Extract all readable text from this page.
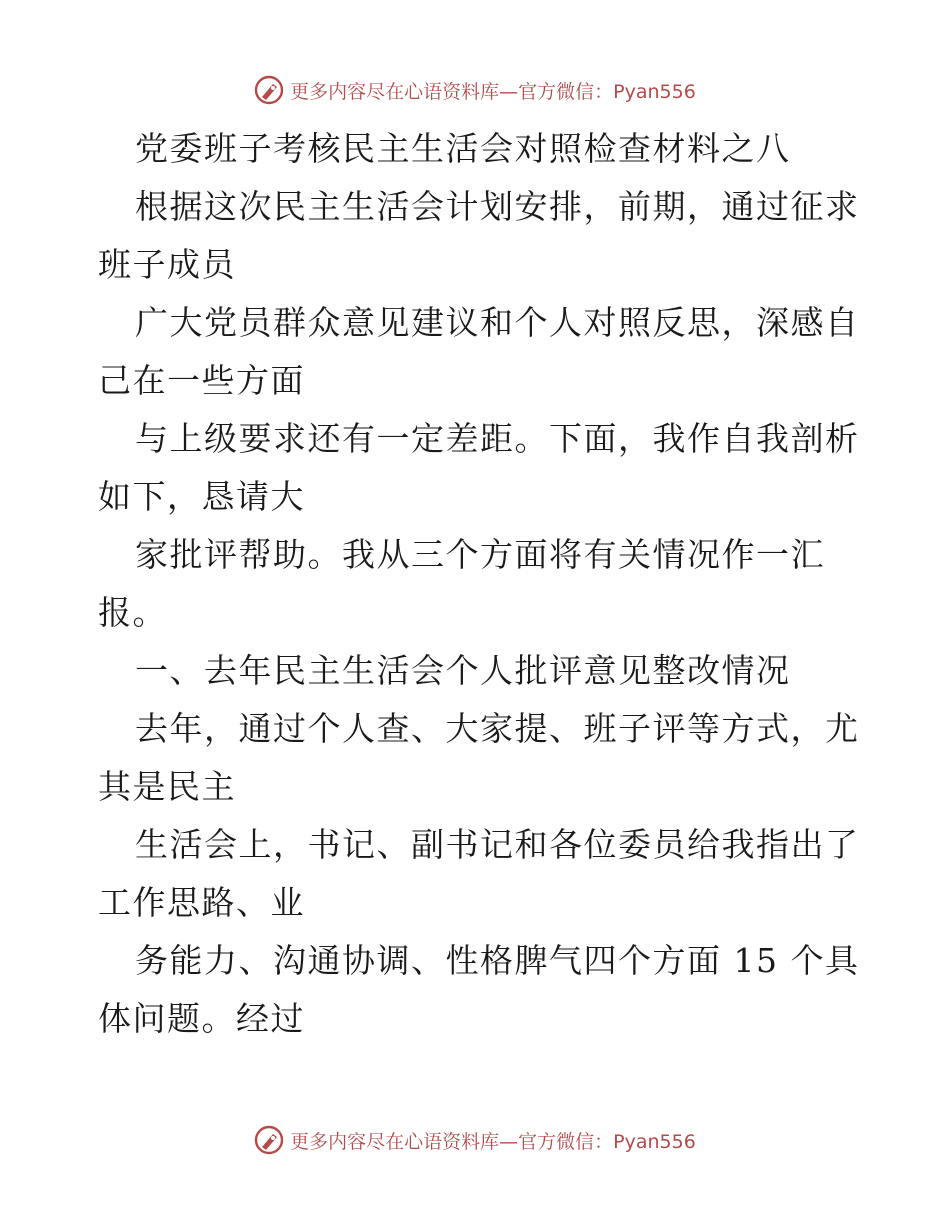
更多内容尽在心语资料库—官方微信：Pyan556
党委班子考核民主生活会对照检查材料之八
根据这次民主生活会计划安排，前期，通过征求
班子成员
广大党员群众意见建议和个人对照反思，深感自
己在一些方面
与上级要求还有一定差距。下面，我作自我剖析
如下，恳请大
家批评帮助。我从三个方面将有关情况作一汇
报。
一、去年民主生活会个人批评意见整改情况
去年，通过个人查、大家提、班子评等方式，尤
其是民主
生活会上，书记、副书记和各位委员给我指出了
工作思路、业
务能力、沟通协调、性格脾气四个方面 15 个具
体问题。经过
更多内容尽在心语资料库—官方微信：Pyan556
